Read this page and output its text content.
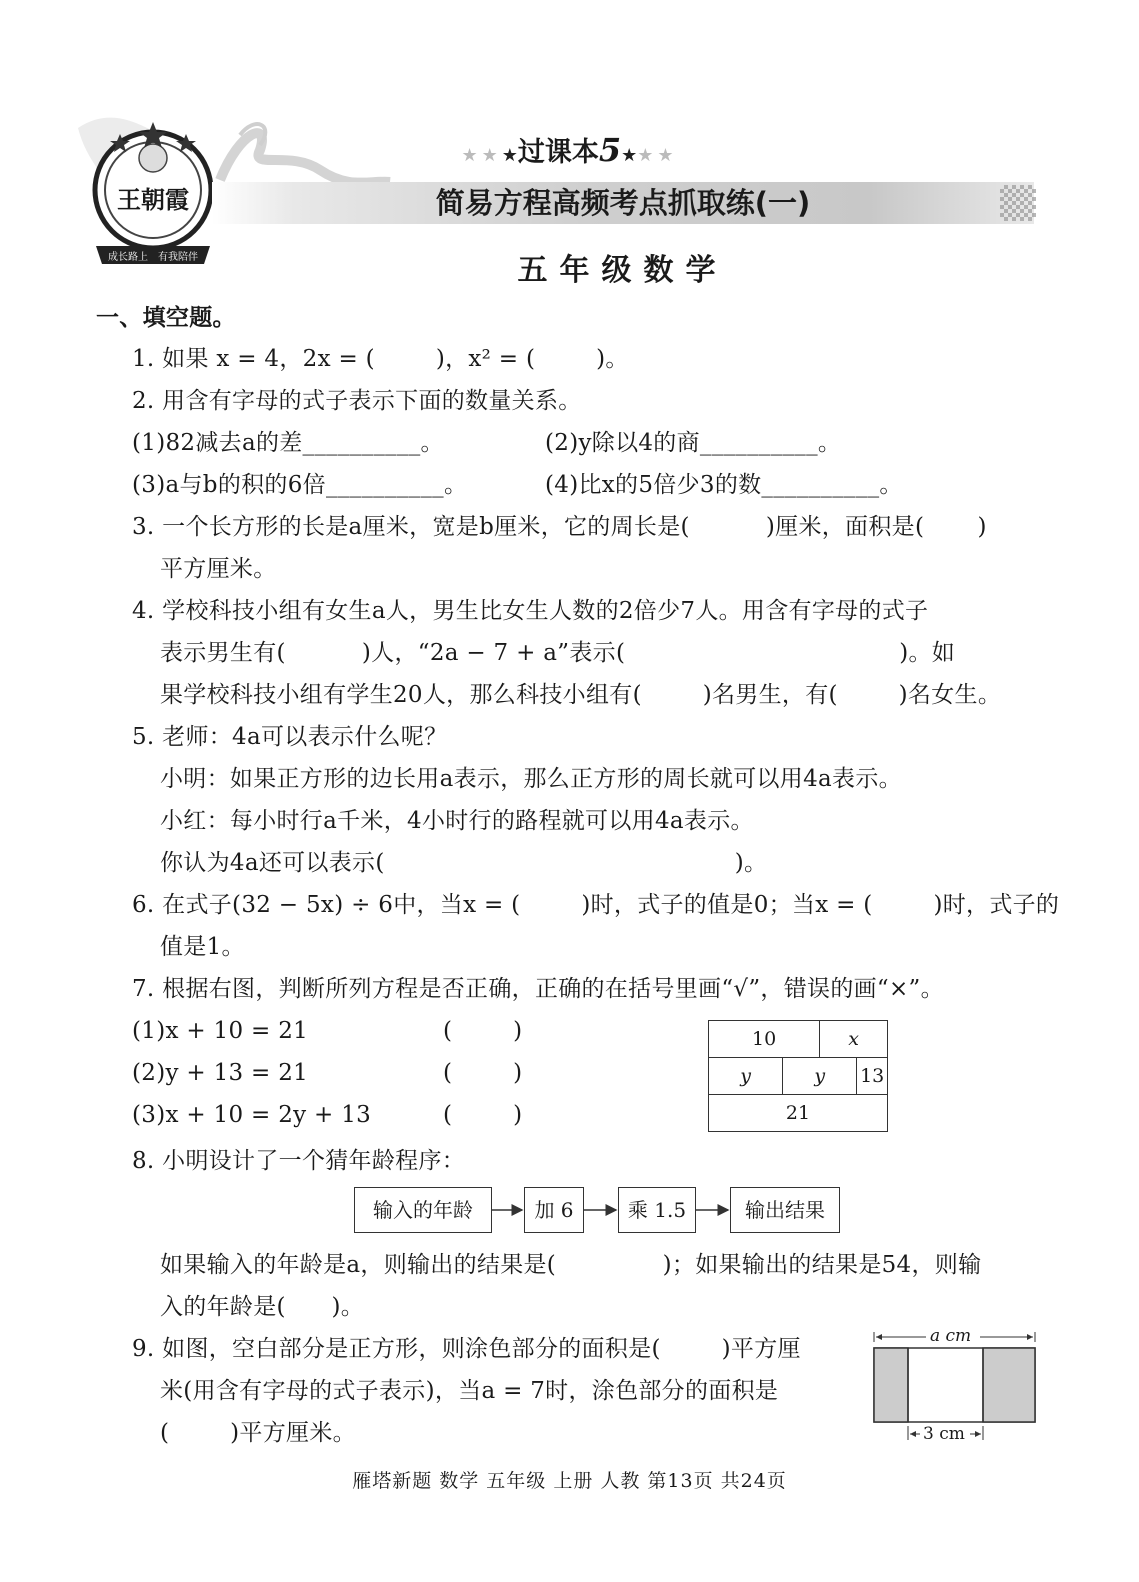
王朝霞
成长路上 有我陪伴
★★★过课本5★★★
简易方程高频考点抓取练(一)
五年级数学
一、填空题。
1. 如果 x = 4，2x = (        )，x² = (        )。
2. 用含有字母的式子表示下面的数量关系。
(1)82减去a的差__________。	(2)y除以4的商__________。
(3)a与b的积的6倍__________。	(4)比x的5倍少3的数__________。
3. 一个长方形的长是a厘米，宽是b厘米，它的周长是(          )厘米，面积是(       )
平方厘米。
4. 学校科技小组有女生a人，男生比女生人数的2倍少7人。用含有字母的式子
表示男生有(          )人，“2a − 7 + a”表示(                                    )。如
果学校科技小组有学生20人，那么科技小组有(        )名男生，有(        )名女生。
5. 老师：4a可以表示什么呢？
小明：如果正方形的边长用a表示，那么正方形的周长就可以用4a表示。
小红：每小时行a千米，4小时行的路程就可以用4a表示。
你认为4a还可以表示(                                              )。
6. 在式子(32 − 5x) ÷ 6中，当x = (        )时，式子的值是0；当x = (        )时，式子的
值是1。
7. 根据右图，判断所列方程是否正确，正确的在括号里画“√”，错误的画“×”。
(1)x + 10 = 21	(        )
(2)y + 13 = 21	(        )
(3)x + 10 = 2y + 13	(        )
10		x	
y	y		13
21			
8. 小明设计了一个猜年龄程序：
输入的年龄	加 6	乘 1.5	输出结果
如果输入的年龄是a，则输出的结果是(              )；如果输出的结果是54，则输
入的年龄是(      )。
9. 如图，空白部分是正方形，则涂色部分的面积是(        )平方厘
米(用含有字母的式子表示)，当a = 7时，涂色部分的面积是
(        )平方厘米。
a cm
3 cm
雁塔新题 数学 五年级 上册 人教 第13页 共24页
